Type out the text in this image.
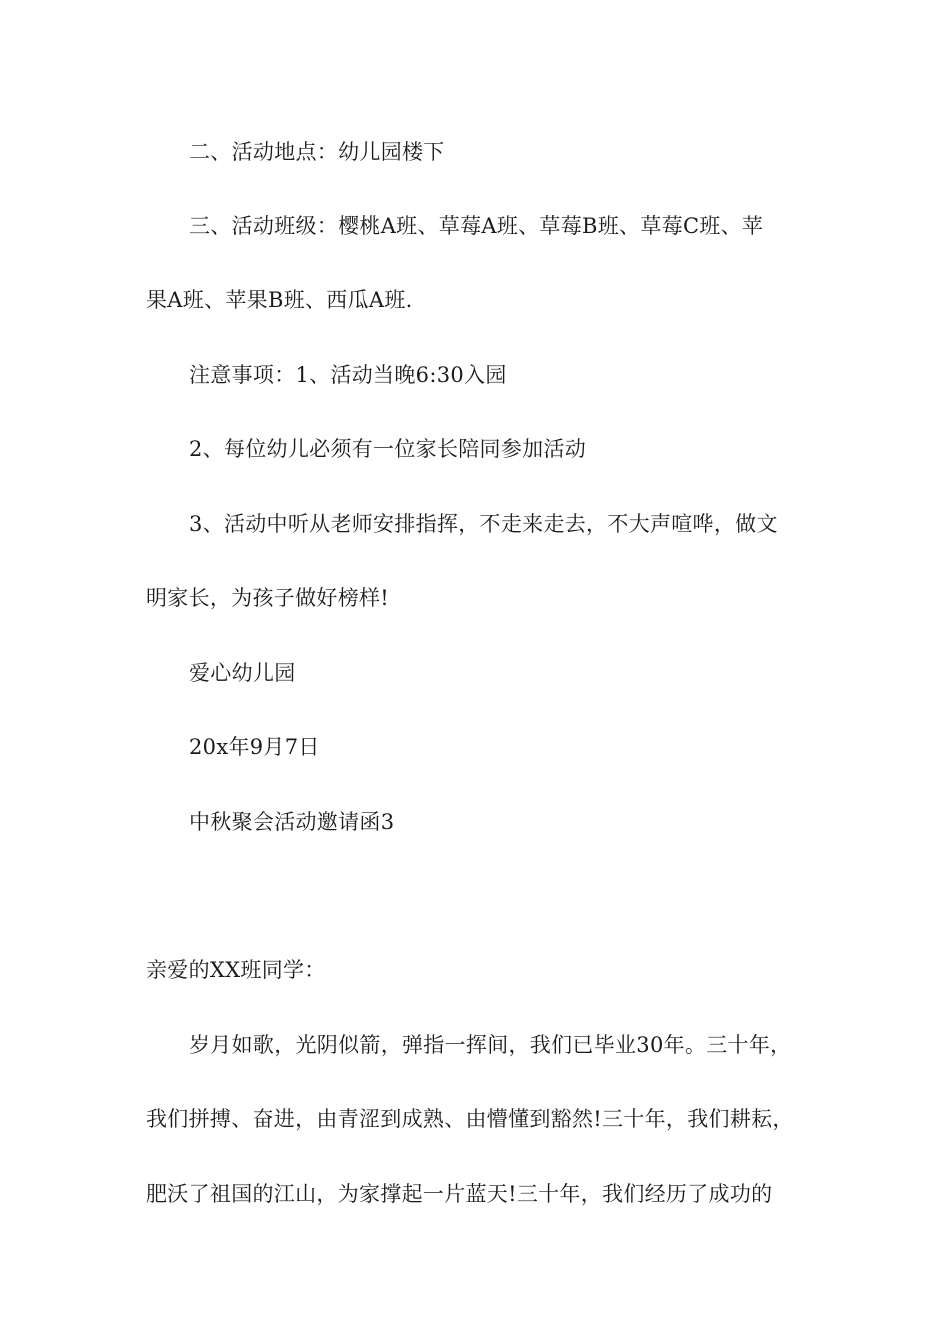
二、活动地点：幼儿园楼下
三、活动班级：樱桃A班、草莓A班、草莓B班、草莓C班、苹
果A班、苹果B班、西瓜A班.
注意事项：1、活动当晚6:30入园
2、每位幼儿必须有一位家长陪同参加活动
3、活动中听从老师安排指挥，不走来走去，不大声喧哗，做文
明家长，为孩子做好榜样!
爱心幼儿园
20x年9月7日
中秋聚会活动邀请函3
亲爱的XX班同学：
岁月如歌，光阴似箭，弹指一挥间，我们已毕业30年。三十年，
我们拼搏、奋进，由青涩到成熟、由懵懂到豁然!三十年，我们耕耘，
肥沃了祖国的江山，为家撑起一片蓝天!三十年，我们经历了成功的
